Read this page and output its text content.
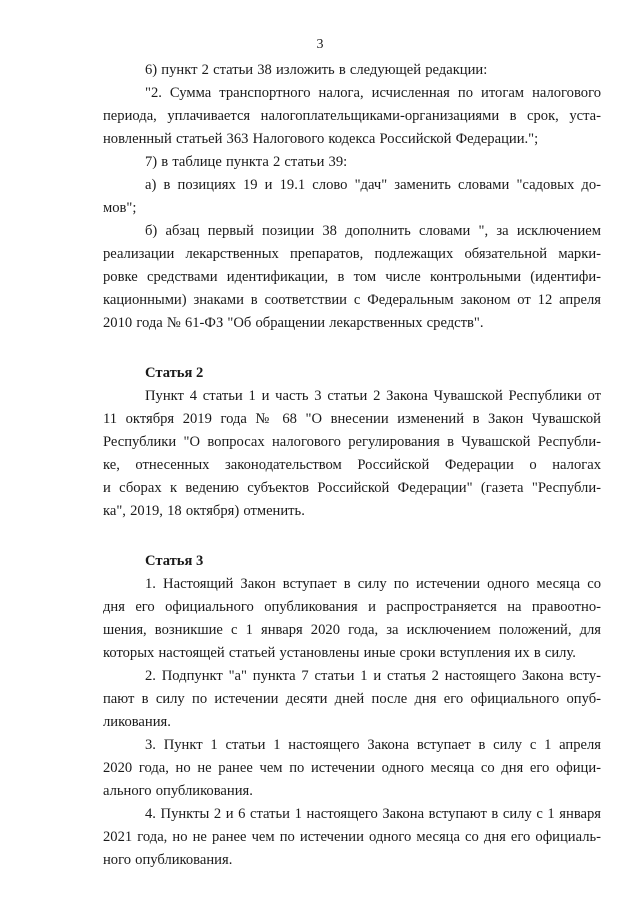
3
6) пункт 2 статьи 38 изложить в следующей редакции:
"2. Сумма транспортного налога, исчисленная по итогам налогового
периода, уплачивается налогоплательщиками-организациями в срок, уста-
новленный статьей 363 Налогового кодекса Российской Федерации.";
7) в таблице пункта 2 статьи 39:
а) в позициях 19 и 19.1 слово "дач" заменить словами "садовых до-
мов";
б) абзац первый позиции 38 дополнить словами ", за исключением
реализации лекарственных препаратов, подлежащих обязательной марки-
ровке средствами идентификации, в том числе контрольными (идентифи-
кационными) знаками в соответствии с Федеральным законом от 12 апреля
2010 года № 61-ФЗ "Об обращении лекарственных средств".
Статья 2
Пункт 4 статьи 1 и часть 3 статьи 2 Закона Чувашской Республики от
11 октября 2019 года № 68 "О внесении изменений в Закон Чувашской
Республики "О вопросах налогового регулирования в Чувашской Республи-
ке, отнесенных законодательством Российской Федерации о налогах
и сборах к ведению субъектов Российской Федерации" (газета "Республи-
ка", 2019, 18 октября) отменить.
Статья 3
1. Настоящий Закон вступает в силу по истечении одного месяца со
дня его официального опубликования и распространяется на правоотно-
шения, возникшие с 1 января 2020 года, за исключением положений, для
которых настоящей статьей установлены иные сроки вступления их в силу.
2. Подпункт "а" пункта 7 статьи 1 и статья 2 настоящего Закона всту-
пают в силу по истечении десяти дней после дня его официального опуб-
ликования.
3. Пункт 1 статьи 1 настоящего Закона вступает в силу с 1 апреля
2020 года, но не ранее чем по истечении одного месяца со дня его офици-
ального опубликования.
4. Пункты 2 и 6 статьи 1 настоящего Закона вступают в силу с 1 января
2021 года, но не ранее чем по истечении одного месяца со дня его официаль-
ного опубликования.
